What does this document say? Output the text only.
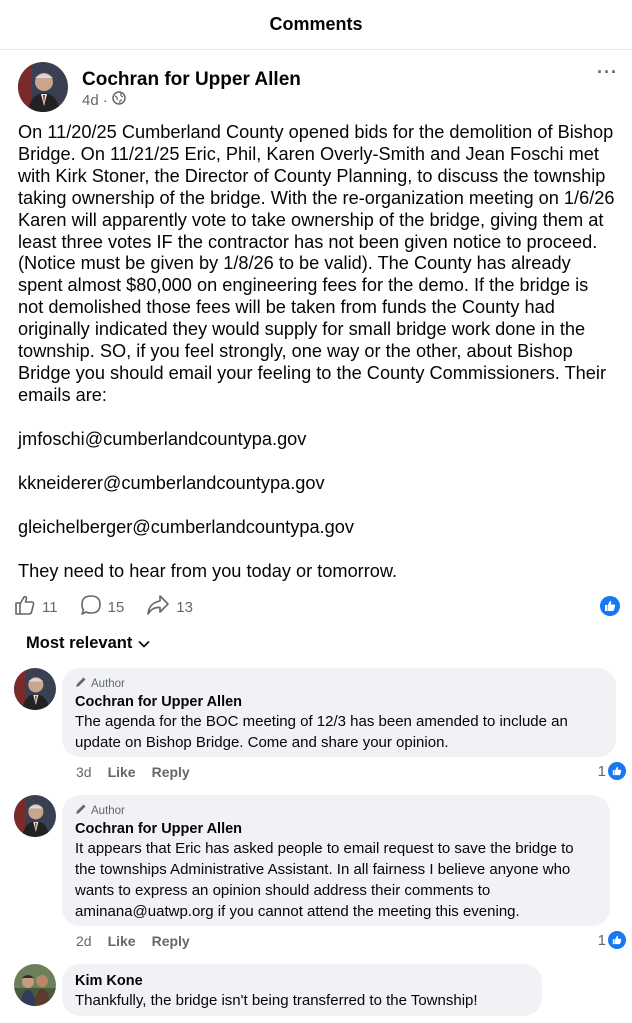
Comments
Cochran for Upper Allen
4d ·
···

On 11/20/25 Cumberland County opened bids for the demolition of Bishop Bridge. On 11/21/25 Eric, Phil, Karen Overly-Smith and Jean Foschi met with Kirk Stoner, the Director of County Planning, to discuss the township taking ownership of the bridge. With the re-organization meeting on 1/6/26 Karen will apparently vote to take ownership of the bridge, giving them at least three votes IF the contractor has not been given notice to proceed. (Notice must be given by 1/8/26 to be valid). The County has already spent almost $80,000 on engineering fees for the demo. If the bridge is not demolished those fees will be taken from funds the County had originally indicated they would supply for small bridge work done in the township. SO, if you feel strongly, one way or the other, about Bishop Bridge you should email your feeling to the County Commissioners. Their emails are:

jmfoschi@cumberlandcountypa.gov

kkneiderer@cumberlandcountypa.gov

gleichelberger@cumberlandcountypa.gov

They need to hear from you today or tomorrow.

11	15	13
Most relevant
Author
Cochran for Upper Allen
The agenda for the BOC meeting of 12/3 has been amended to include an update on Bishop Bridge. Come and share your opinion.
3d Like Reply	1
Author
Cochran for Upper Allen
It appears that Eric has asked people to email request to save the bridge to the townships Administrative Assistant. In all fairness I believe anyone who wants to express an opinion should address their comments to aminana@uatwp.org if you cannot attend the meeting this evening.
2d Like Reply	1
Kim Kone
Thankfully, the bridge isn't being transferred to the Township!
